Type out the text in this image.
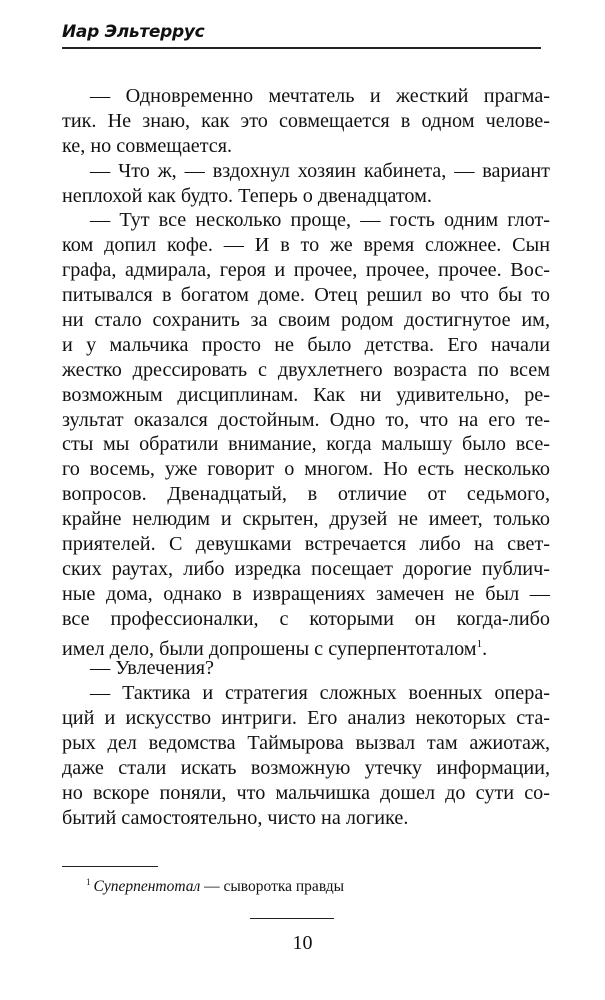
Иар Эльтеррус
— Одновременно мечтатель и жесткий прагма-
тик. Не знаю, как это совмещается в одном челове-
ке, но совмещается.
— Что ж, — вздохнул хозяин кабинета, — вариант
неплохой как будто. Теперь о двенадцатом.
— Тут все несколько проще, — гость одним глот-
ком допил кофе. — И в то же время сложнее. Сын
графа, адмирала, героя и прочее, прочее, прочее. Вос-
питывался в богатом доме. Отец решил во что бы то
ни стало сохранить за своим родом достигнутое им,
и у мальчика просто не было детства. Его начали
жестко дрессировать с двухлетнего возраста по всем
возможным дисциплинам. Как ни удивительно, ре-
зультат оказался достойным. Одно то, что на его те-
сты мы обратили внимание, когда малышу было все-
го восемь, уже говорит о многом. Но есть несколько
вопросов. Двенадцатый, в отличие от седьмого,
крайне нелюдим и скрытен, друзей не имеет, только
приятелей. С девушками встречается либо на свет-
ских раутах, либо изредка посещает дорогие публич-
ные дома, однако в извращениях замечен не был —
все профессионалки, с которыми он когда-либо
имел дело, были допрошены с суперпентоталом$^1$.
— Увлечения?
— Тактика и стратегия сложных военных опера-
ций и искусство интриги. Его анализ некоторых ста-
рых дел ведомства Таймырова вызвал там ажиотаж,
даже стали искать возможную утечку информации,
но вскоре поняли, что мальчишка дошел до сути со-
бытий самостоятельно, чисто на логике.
$^1$ Суперпентотал — сыворотка правды
10
